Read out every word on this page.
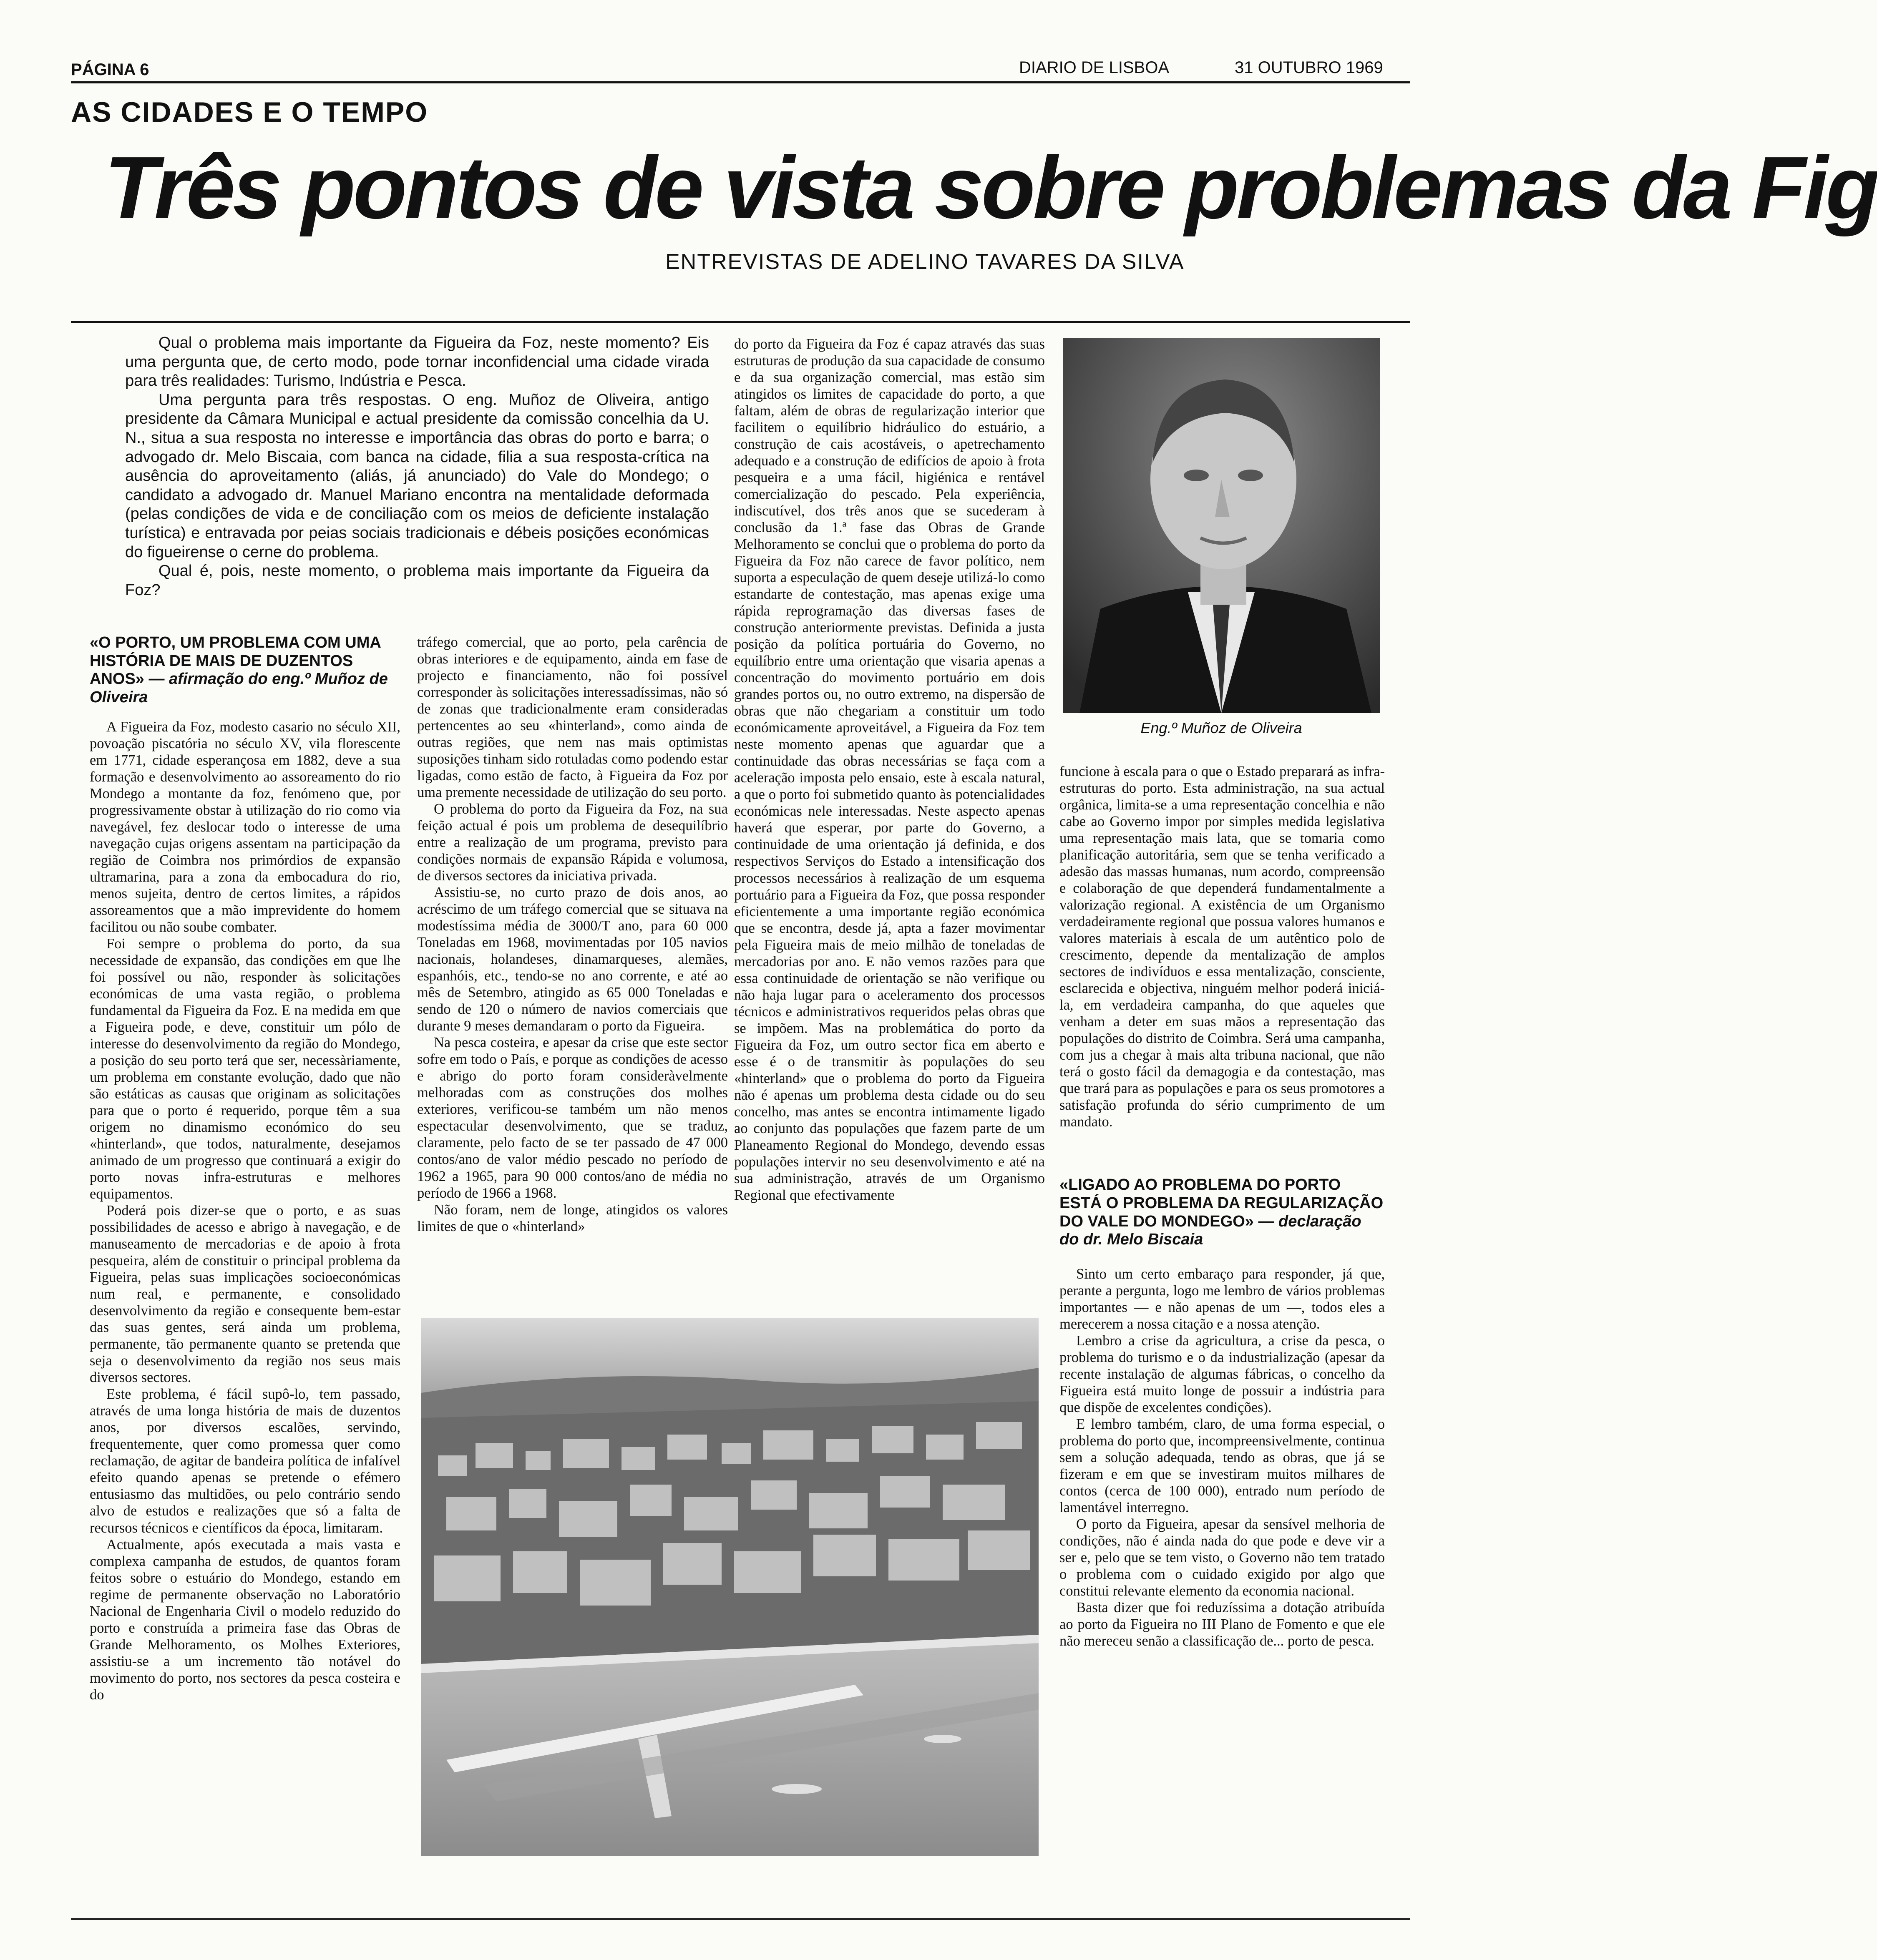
PÁGINA 6	DIARIO DE LISBOA	31 OUTUBRO 1969
AS CIDADES E O TEMPO
Três pontos de vista sobre problemas da Fig
ENTREVISTAS DE ADELINO TAVARES DA SILVA

Qual o problema mais importante da Figueira da Foz, neste momento? Eis uma pergunta que, de certo modo, pode tornar inconfidencial uma cidade virada para três realidades: Turismo, Indústria e Pesca.

Uma pergunta para três respostas. O eng. Muñoz de Oliveira, antigo presidente da Câmara Municipal e actual presidente da comissão concelhia da U. N., situa a sua resposta no interesse e importância das obras do porto e barra; o advogado dr. Melo Biscaia, com banca na cidade, filia a sua resposta-crítica na ausência do aproveitamento (aliás, já anunciado) do Vale do Mondego; o candidato a advogado dr. Manuel Mariano encontra na mentalidade deformada (pelas condições de vida e de conciliação com os meios de deficiente instalação turística) e entravada por peias sociais tradicionais e débeis posições económicas do figueirense o cerne do problema.

Qual é, pois, neste momento, o problema mais importante da Figueira da Foz?

«O PORTO, UM PROBLEMA COM UMA HISTÓRIA DE MAIS DE DUZENTOS ANOS» — afirmação do eng.º Muñoz de Oliveira

A Figueira da Foz, modesto casario no século XII, povoação piscatória no século XV, vila florescente em 1771, cidade esperançosa em 1882, deve a sua formação e desenvolvimento ao assoreamento do rio Mondego a montante da foz, fenómeno que, por progressivamente obstar à utilização do rio como via navegável, fez deslocar todo o interesse de uma navegação cujas origens assentam na participação da região de Coimbra nos primórdios de expansão ultramarina, para a zona da embocadura do rio, menos sujeita, dentro de certos limites, a rápidos assoreamentos que a mão imprevidente do homem facilitou ou não soube combater.

Foi sempre o problema do porto, da sua necessidade de expansão, das condições em que lhe foi possível ou não, responder às solicitações económicas de uma vasta região, o problema fundamental da Figueira da Foz. E na medida em que a Figueira pode, e deve, constituir um pólo de interesse do desenvolvimento da região do Mondego, a posição do seu porto terá que ser, necessàriamente, um problema em constante evolução, dado que não são estáticas as causas que originam as solicitações para que o porto é requerido, porque têm a sua origem no dinamismo económico do seu «hinterland», que todos, naturalmente, desejamos animado de um progresso que continuará a exigir do porto novas infra-estruturas e melhores equipamentos.

Poderá pois dizer-se que o porto, e as suas possibilidades de acesso e abrigo à navegação, e de manuseamento de mercadorias e de apoio à frota pesqueira, além de constituir o principal problema da Figueira, pelas suas implicações socioeconómicas num real, e permanente, e consolidado desenvolvimento da região e consequente bem-estar das suas gentes, será ainda um problema, permanente, tão permanente quanto se pretenda que seja o desenvolvimento da região nos seus mais diversos sectores.

Este problema, é fácil supô-lo, tem passado, através de uma longa história de mais de duzentos anos, por diversos escalões, servindo, frequentemente, quer como promessa quer como reclamação, de agitar de bandeira política de infalível efeito quando apenas se pretende o efémero entusiasmo das multidões, ou pelo contrário sendo alvo de estudos e realizações que só a falta de recursos técnicos e científicos da época, limitaram.

Actualmente, após executada a mais vasta e complexa campanha de estudos, de quantos foram feitos sobre o estuário do Mondego, estando em regime de permanente observação no Laboratório Nacional de Engenharia Civil o modelo reduzido do porto e construída a primeira fase das Obras de Grande Melhoramento, os Molhes Exteriores, assistiu-se a um incremento tão notável do movimento do porto, nos sectores da pesca costeira e do

tráfego comercial, que ao porto, pela carência de obras interiores e de equipamento, ainda em fase de projecto e financiamento, não foi possível corresponder às solicitações interessadíssimas, não só de zonas que tradicionalmente eram consideradas pertencentes ao seu «hinterland», como ainda de outras regiões, que nem nas mais optimistas suposições tinham sido rotuladas como podendo estar ligadas, como estão de facto, à Figueira da Foz por uma premente necessidade de utilização do seu porto.

O problema do porto da Figueira da Foz, na sua feição actual é pois um problema de desequilíbrio entre a realização de um programa, previsto para condições normais de expansão Rápida e volumosa, de diversos sectores da iniciativa privada.

Assistiu-se, no curto prazo de dois anos, ao acréscimo de um tráfego comercial que se situava na modestíssima média de 3000/T ano, para 60 000 Toneladas em 1968, movimentadas por 105 navios nacionais, holandeses, dinamarqueses, alemães, espanhóis, etc., tendo-se no ano corrente, e até ao mês de Setembro, atingido as 65 000 Toneladas e sendo de 120 o número de navios comerciais que durante 9 meses demandaram o porto da Figueira.

Na pesca costeira, e apesar da crise que este sector sofre em todo o País, e porque as condições de acesso e abrigo do porto foram consideràvelmente melhoradas com as construções dos molhes exteriores, verificou-se também um não menos espectacular desenvolvimento, que se traduz, claramente, pelo facto de se ter passado de 47 000 contos/ano de valor médio pescado no período de 1962 a 1965, para 90 000 contos/ano de média no período de 1966 a 1968.

Não foram, nem de longe, atingidos os valores limites de que o «hinterland»

do porto da Figueira da Foz é capaz através das suas estruturas de produção da sua capacidade de consumo e da sua organização comercial, mas estão sim atingidos os limites de capacidade do porto, a que faltam, além de obras de regularização interior que facilitem o equilíbrio hidráulico do estuário, a construção de cais acostáveis, o apetrechamento adequado e a construção de edifícios de apoio à frota pesqueira e a uma fácil, higiénica e rentável comercialização do pescado. Pela experiência, indiscutível, dos três anos que se sucederam à conclusão da 1.ª fase das Obras de Grande Melhoramento se conclui que o problema do porto da Figueira da Foz não carece de favor político, nem suporta a especulação de quem deseje utilizá-lo como estandarte de contestação, mas apenas exige uma rápida reprogramação das diversas fases de construção anteriormente previstas. Definida a justa posição da política portuária do Governo, no equilíbrio entre uma orientação que visaria apenas a concentração do movimento portuário em dois grandes portos ou, no outro extremo, na dispersão de obras que não chegariam a constituir um todo económicamente aproveitável, a Figueira da Foz tem neste momento apenas que aguardar que a continuidade das obras necessárias se faça com a aceleração imposta pelo ensaio, este à escala natural, a que o porto foi submetido quanto às potencialidades económicas nele interessadas. Neste aspecto apenas haverá que esperar, por parte do Governo, a continuidade de uma orientação já definida, e dos respectivos Serviços do Estado a intensificação dos processos necessários à realização de um esquema portuário para a Figueira da Foz, que possa responder eficientemente a uma importante região económica que se encontra, desde já, apta a fazer movimentar pela Figueira mais de meio milhão de toneladas de mercadorias por ano. E não vemos razões para que essa continuidade de orientação se não verifique ou não haja lugar para o aceleramento dos processos técnicos e administrativos requeridos pelas obras que se impõem. Mas na problemática do porto da Figueira da Foz, um outro sector fica em aberto e esse é o de transmitir às populações do seu «hinterland» que o problema do porto da Figueira não é apenas um problema desta cidade ou do seu concelho, mas antes se encontra intimamente ligado ao conjunto das populações que fazem parte de um Planeamento Regional do Mondego, devendo essas populações intervir no seu desenvolvimento e até na sua administração, através de um Organismo Regional que efectivamente

Eng.º Muñoz de Oliveira

funcione à escala para o que o Estado preparará as infra-estruturas do porto. Esta administração, na sua actual orgânica, limita-se a uma representação concelhia e não cabe ao Governo impor por simples medida legislativa uma representação mais lata, que se tomaria como planificação autoritária, sem que se tenha verificado a adesão das massas humanas, num acordo, compreensão e colaboração de que dependerá fundamentalmente a valorização regional. A existência de um Organismo verdadeiramente regional que possua valores humanos e valores materiais à escala de um autêntico polo de crescimento, depende da mentalização de amplos sectores de indivíduos e essa mentalização, consciente, esclarecida e objectiva, ninguém melhor poderá iniciá-la, em verdadeira campanha, do que aqueles que venham a deter em suas mãos a representação das populações do distrito de Coimbra. Será uma campanha, com jus a chegar à mais alta tribuna nacional, que não terá o gosto fácil da demagogia e da contestação, mas que trará para as populações e para os seus promotores a satisfação profunda do sério cumprimento de um mandato.

«LIGADO AO PROBLEMA DO PORTO ESTÁ O PROBLEMA DA REGULARIZAÇÃO DO VALE DO MONDEGO» — declaração do dr. Melo Biscaia

Sinto um certo embaraço para responder, já que, perante a pergunta, logo me lembro de vários problemas importantes — e não apenas de um —, todos eles a merecerem a nossa citação e a nossa atenção.

Lembro a crise da agricultura, a crise da pesca, o problema do turismo e o da industrialização (apesar da recente instalação de algumas fábricas, o concelho da Figueira está muito longe de possuir a indústria para que dispõe de excelentes condições).

E lembro também, claro, de uma forma especial, o problema do porto que, incompreensivelmente, continua sem a solução adequada, tendo as obras, que já se fizeram e em que se investiram muitos milhares de contos (cerca de 100 000), entrado num período de lamentável interregno.

O porto da Figueira, apesar da sensível melhoria de condições, não é ainda nada do que pode e deve vir a ser e, pelo que se tem visto, o Governo não tem tratado o problema com o cuidado exigido por algo que constitui relevante elemento da economia nacional.

Basta dizer que foi reduzíssima a dotação atribuída ao porto da Figueira no III Plano de Fomento e que ele não mereceu senão a classificação de... porto de pesca.
